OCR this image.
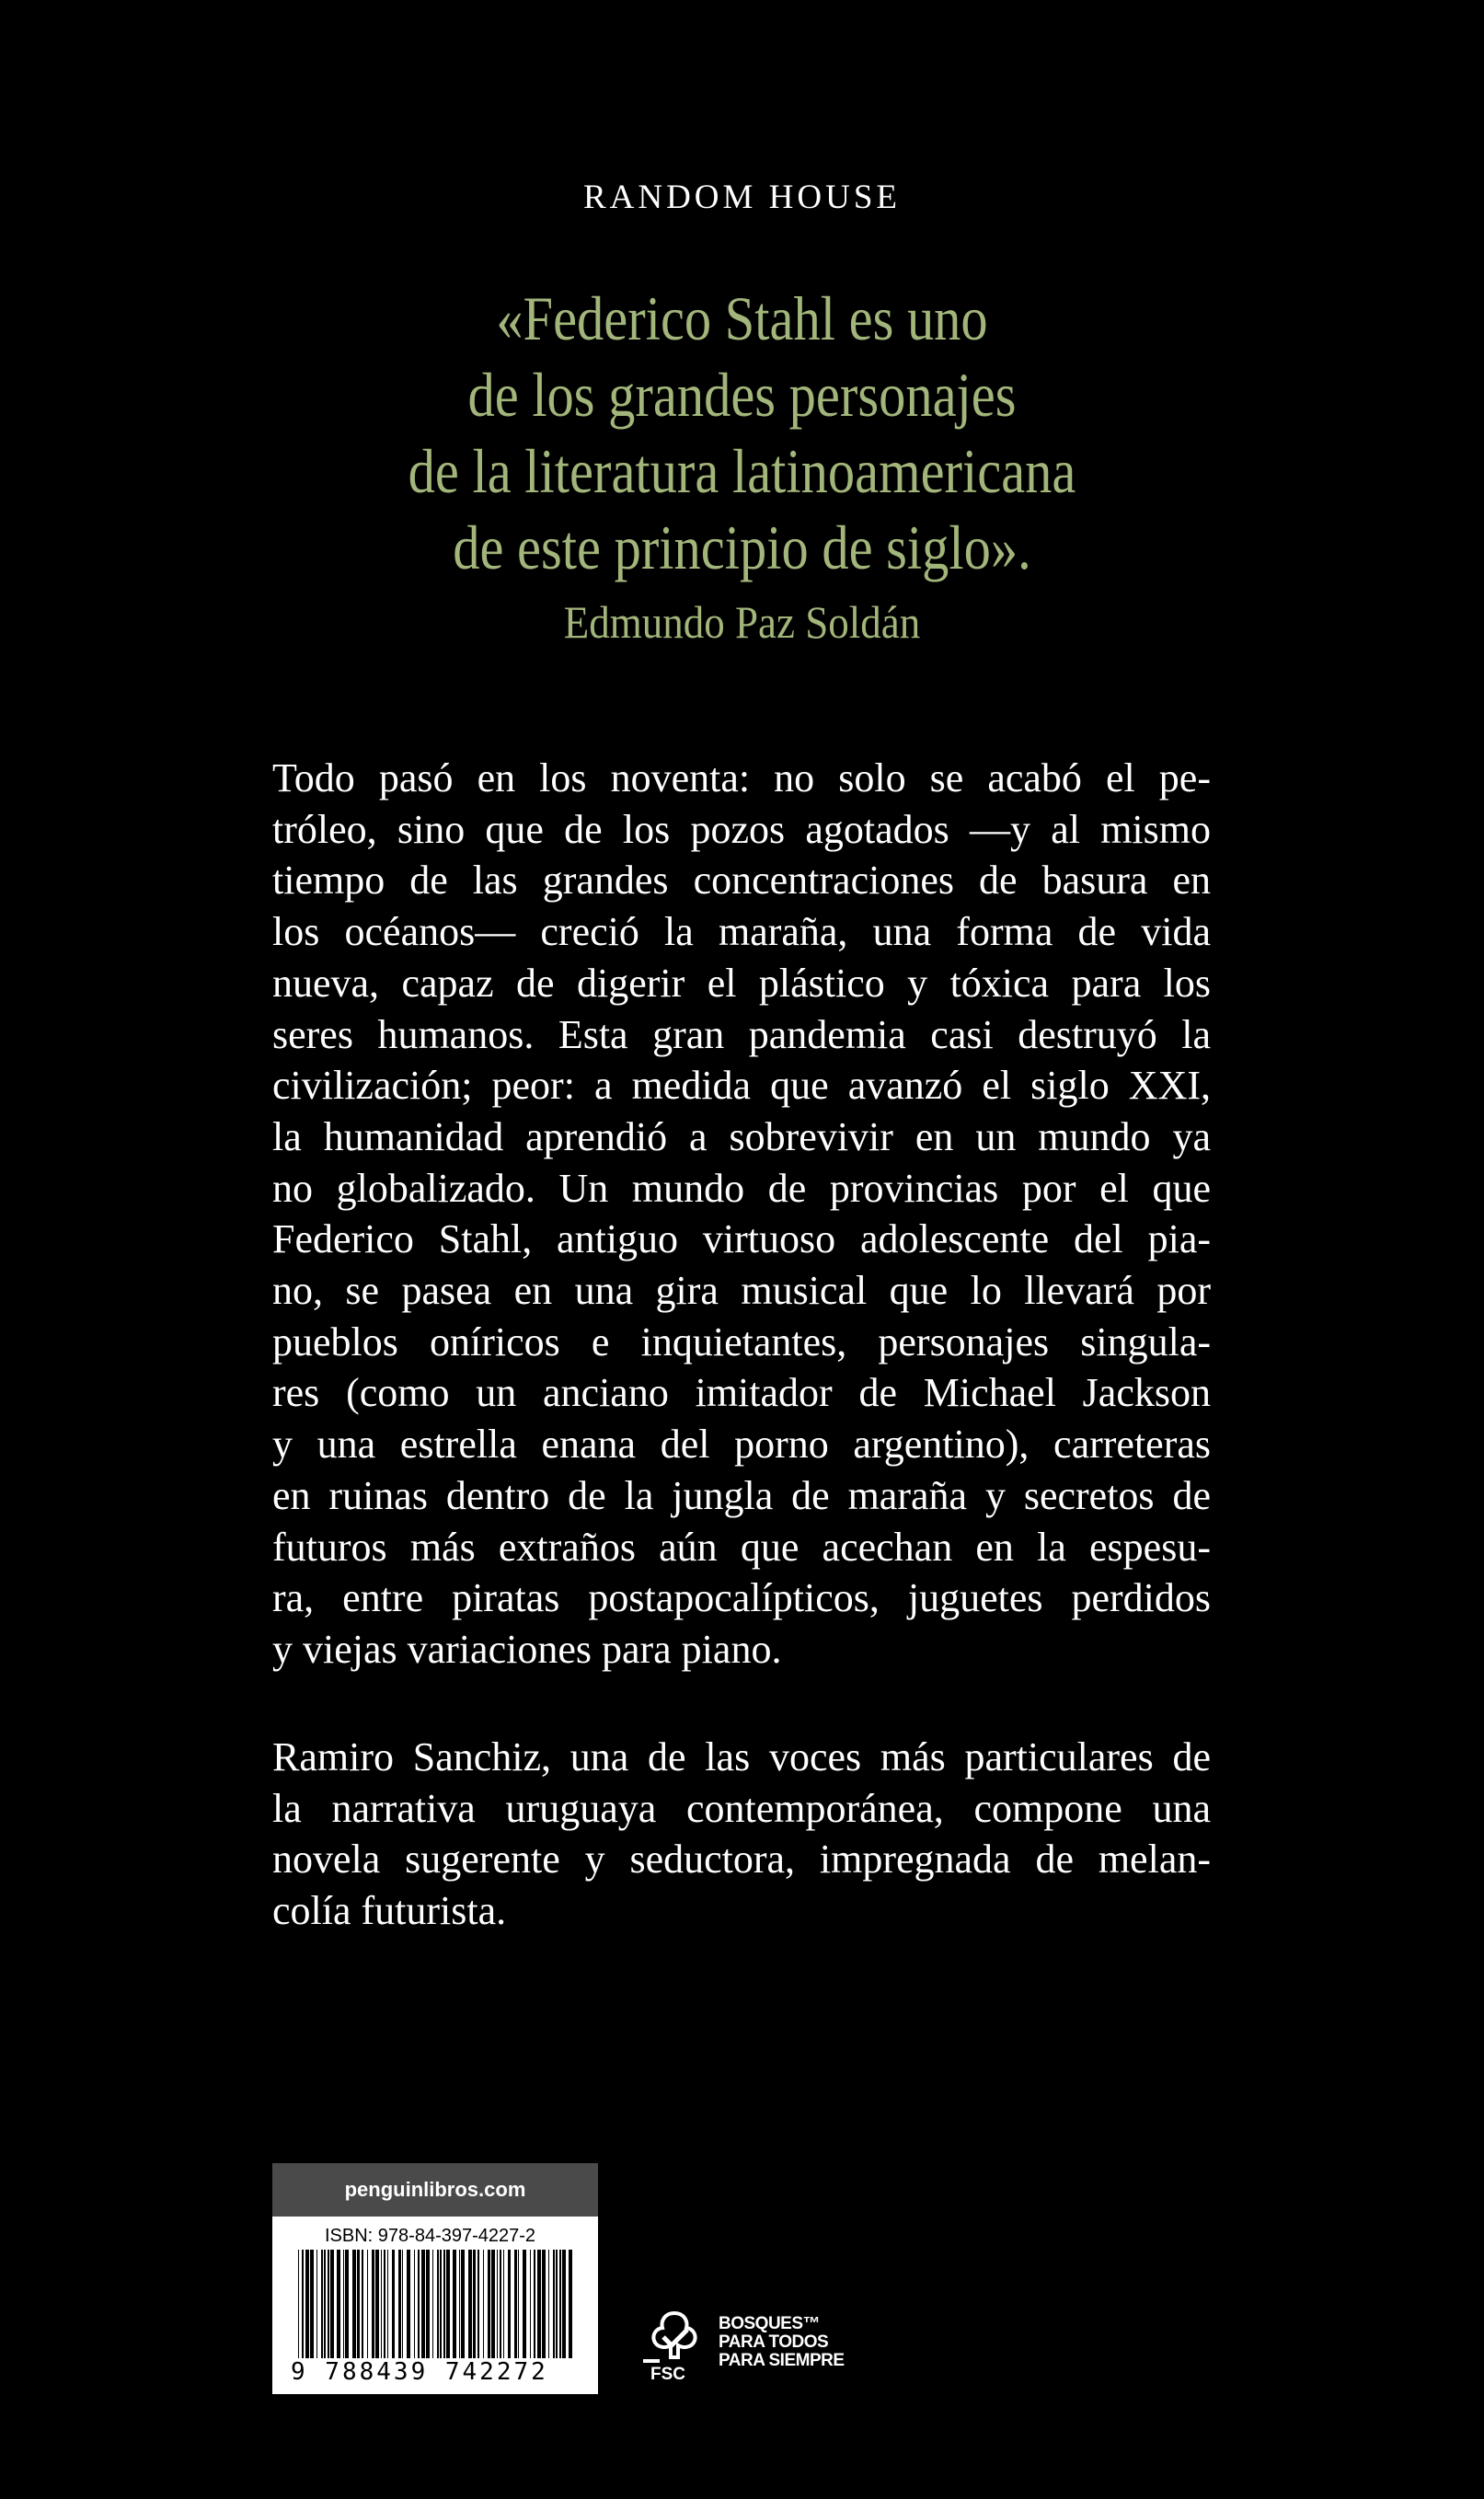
RANDOM HOUSE
«Federico Stahl es uno
de los grandes personajes
de la literatura latinoamericana
de este principio de siglo».
Edmundo Paz Soldán
Todo pasó en los noventa: no solo se acabó el pe-
tróleo, sino que de los pozos agotados —y al mismo
tiempo de las grandes concentraciones de basura en
los océanos— creció la maraña, una forma de vida
nueva, capaz de digerir el plástico y tóxica para los
seres humanos. Esta gran pandemia casi destruyó la
civilización; peor: a medida que avanzó el siglo XXI,
la humanidad aprendió a sobrevivir en un mundo ya
no globalizado. Un mundo de provincias por el que
Federico Stahl, antiguo virtuoso adolescente del pia-
no, se pasea en una gira musical que lo llevará por
pueblos oníricos e inquietantes, personajes singula-
res (como un anciano imitador de Michael Jackson
y una estrella enana del porno argentino), carreteras
en ruinas dentro de la jungla de maraña y secretos de
futuros más extraños aún que acechan en la espesu-
ra, entre piratas postapocalípticos, juguetes perdidos
y viejas variaciones para piano.
Ramiro Sanchiz, una de las voces más particulares de
la narrativa uruguaya contemporánea, compone una
novela sugerente y seductora, impregnada de melan-
colía futurista.
penguinlibros.com
ISBN: 978-84-397-4227-2
9 788439 742272	FSC
BOSQUES™
PARA TODOS
PARA SIEMPRE
